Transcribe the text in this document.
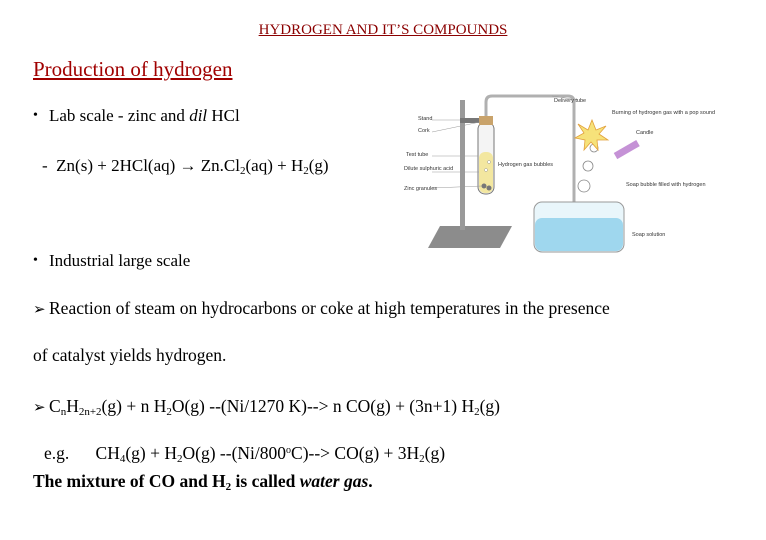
HYDROGEN AND IT’S COMPOUNDS
Production of hydrogen
• Lab scale - zinc and dil HCl
- $Zn(s) + 2HCl(aq) \to Zn.Cl_2(aq) + H_2(g)$
• Industrial large scale
➢ Reaction of steam on hydrocarbons or coke at high temperatures in the presence
of catalyst yields hydrogen.
➢ $C_nH_{2n+2}(g) + n$ $H_2O(g)$ --(Ni/1270 K)--> n CO(g) + (3n+1) $H_2(g)$
e.g. $CH_4(g) + H_2O(g)$ $--(Ni/800^oC)--> CO(g) + 3H_2(g)$
The mixture of CO and $H_2$ is called water gas.
Delivery tube
Stand
Cork
Test tube
Dilute sulphuric acid
Zinc granules
Hydrogen gas bubbles
Burning of hydrogen gas with a pop sound
Candle
Soap bubble filled with hydrogen
Soap solution
